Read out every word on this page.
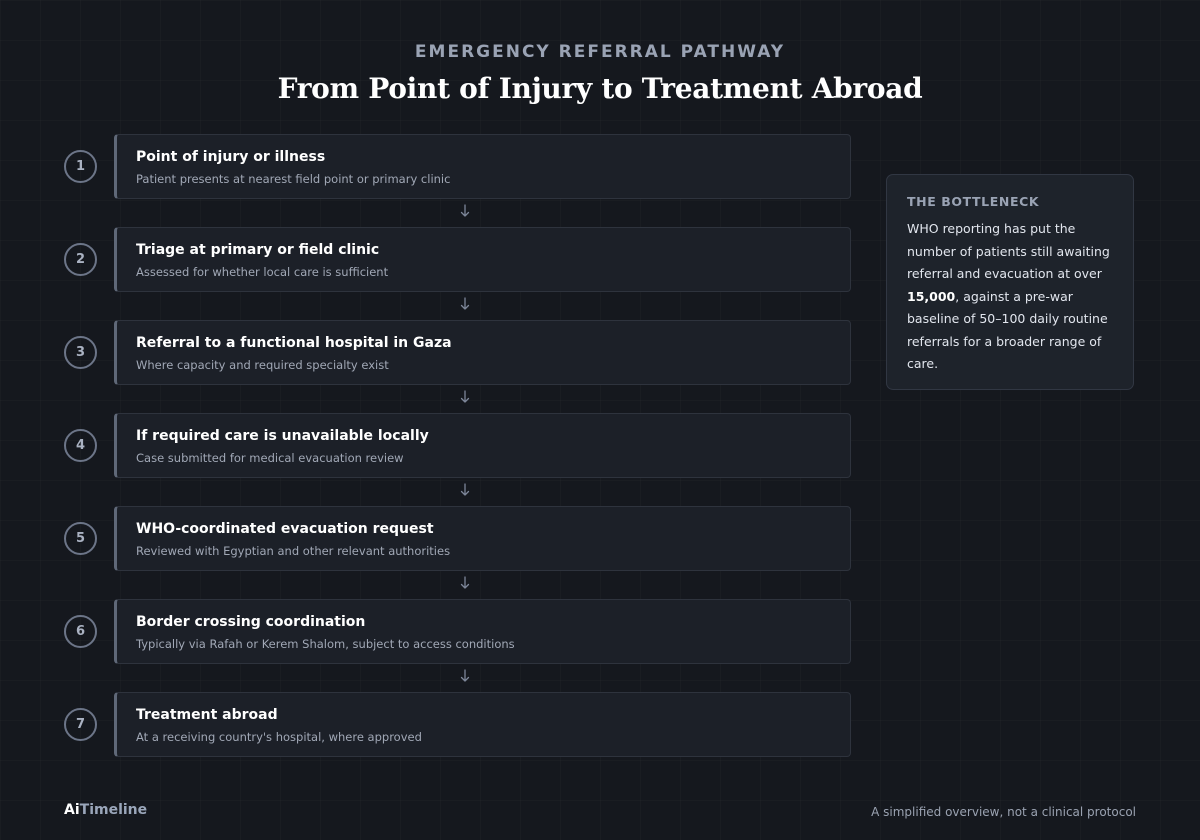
EMERGENCY REFERRAL PATHWAY
From Point of Injury to Treatment Abroad
1
Point of injury or illness
Patient presents at nearest field point or primary clinic
2
Triage at primary or field clinic
Assessed for whether local care is sufficient
3
Referral to a functional hospital in Gaza
Where capacity and required specialty exist
4
If required care is unavailable locally
Case submitted for medical evacuation review
5
WHO-coordinated evacuation request
Reviewed with Egyptian and other relevant authorities
6
Border crossing coordination
Typically via Rafah or Kerem Shalom, subject to access conditions
7
Treatment abroad
At a receiving country's hospital, where approved
THE BOTTLENECK
WHO reporting has put the number of patients still awaiting referral and evacuation at over 15,000, against a pre-war baseline of 50–100 daily routine referrals for a broader range of care.
AiTimeline	A simplified overview, not a clinical protocol
